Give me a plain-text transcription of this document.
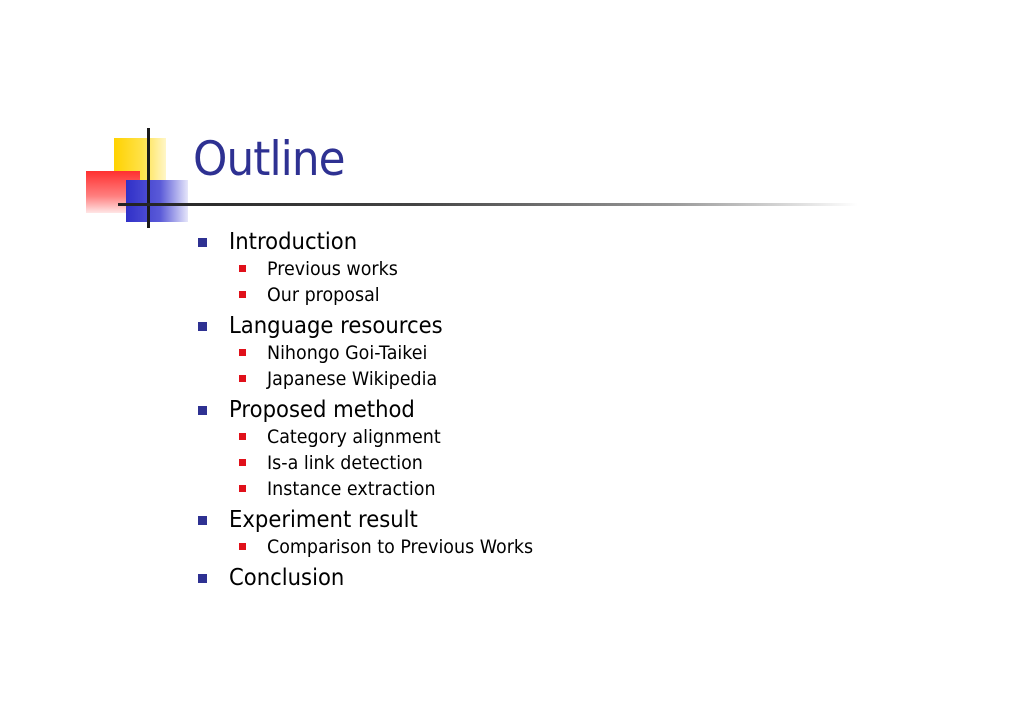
Outline
Introduction
Previous works
Our proposal
Language resources
Nihongo Goi-Taikei
Japanese Wikipedia
Proposed method
Category alignment
Is-a link detection
Instance extraction
Experiment result
Comparison to Previous Works
Conclusion
